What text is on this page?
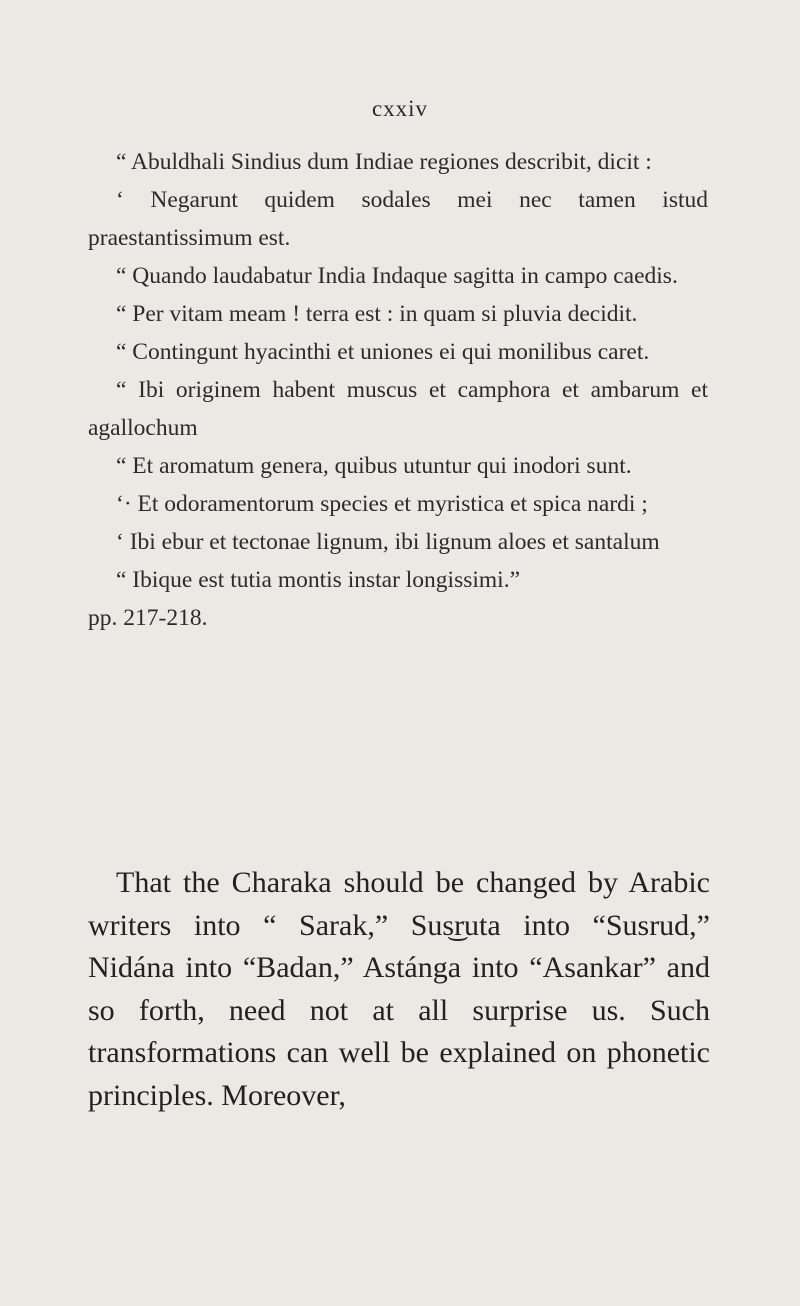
cxxiv

“ Abuldhali Sindius dum Indiae regiones describit, dicit :

‘ Negarunt quidem sodales mei nec tamen istud praestantissimum est.

“ Quando laudabatur India Indaque sagitta in campo caedis.

“ Per vitam meam ! terra est : in quam si pluvia decidit.

“ Contingunt hyacinthi et uniones ei qui monilibus caret.

“ Ibi originem habent muscus et camphora et ambarum et agallochum

“ Et aromatum genera, quibus utuntur qui inodori sunt.

‘· Et odoramentorum species et myristica et spica nardi ;

‘ Ibi ebur et tectonae lignum, ibi lignum aloes et santalum

“ Ibique est tutia montis instar longissimi.”

pp. 217-218.

That the Charaka should be changed by Arabic writers into “ Sarak,” Sus͜ruta into “Susrud,” Nidána into “Badan,” Astánga into “Asankar” and so forth, need not at all surprise us. Such transformations can well be explained on phonetic principles. Moreover,
